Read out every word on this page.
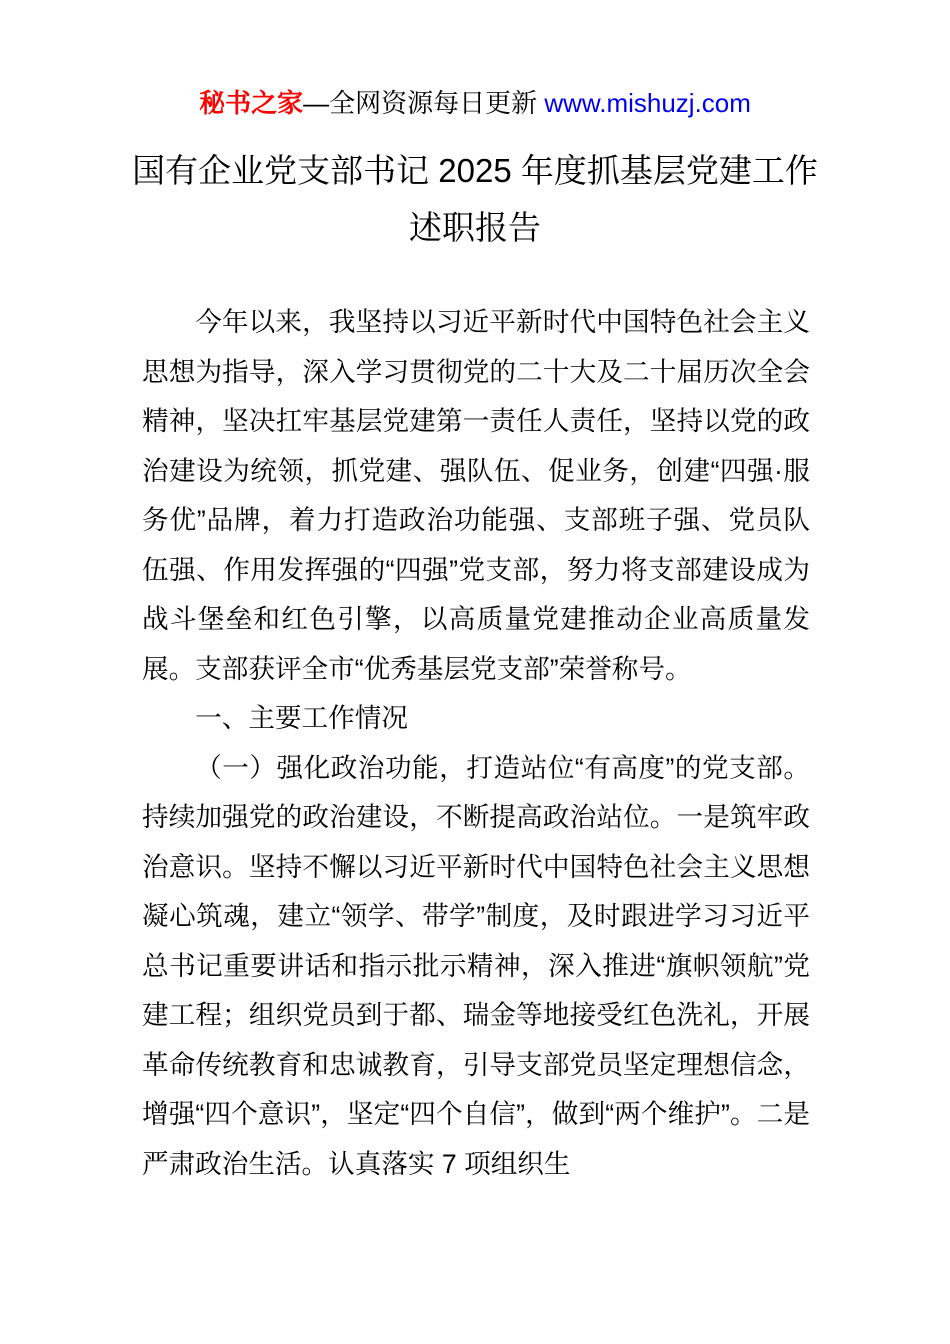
秘书之家—全网资源每日更新 www.mishuzj.com
国有企业党支部书记 2025 年度抓基层党建工作述职报告

今年以来，我坚持以习近平新时代中国特色社会主义思想为指导，深入学习贯彻党的二十大及二十届历次全会精神，坚决扛牢基层党建第一责任人责任，坚持以党的政治建设为统领，抓党建、强队伍、促业务，创建“四强·服务优”品牌，着力打造政治功能强、支部班子强、党员队伍强、作用发挥强的“四强”党支部，努力将支部建设成为战斗堡垒和红色引擎，以高质量党建推动企业高质量发展。支部获评全市“优秀基层党支部”荣誉称号。

一、主要工作情况

（一）强化政治功能，打造站位“有高度”的党支部。持续加强党的政治建设，不断提高政治站位。一是筑牢政治意识。坚持不懈以习近平新时代中国特色社会主义思想凝心筑魂，建立“领学、带学”制度，及时跟进学习习近平总书记重要讲话和指示批示精神，深入推进“旗帜领航”党建工程；组织党员到于都、瑞金等地接受红色洗礼，开展革命传统教育和忠诚教育，引导支部党员坚定理想信念，增强“四个意识”，坚定“四个自信”，做到“两个维护”。二是严肃政治生活。认真落实 7 项组织生
